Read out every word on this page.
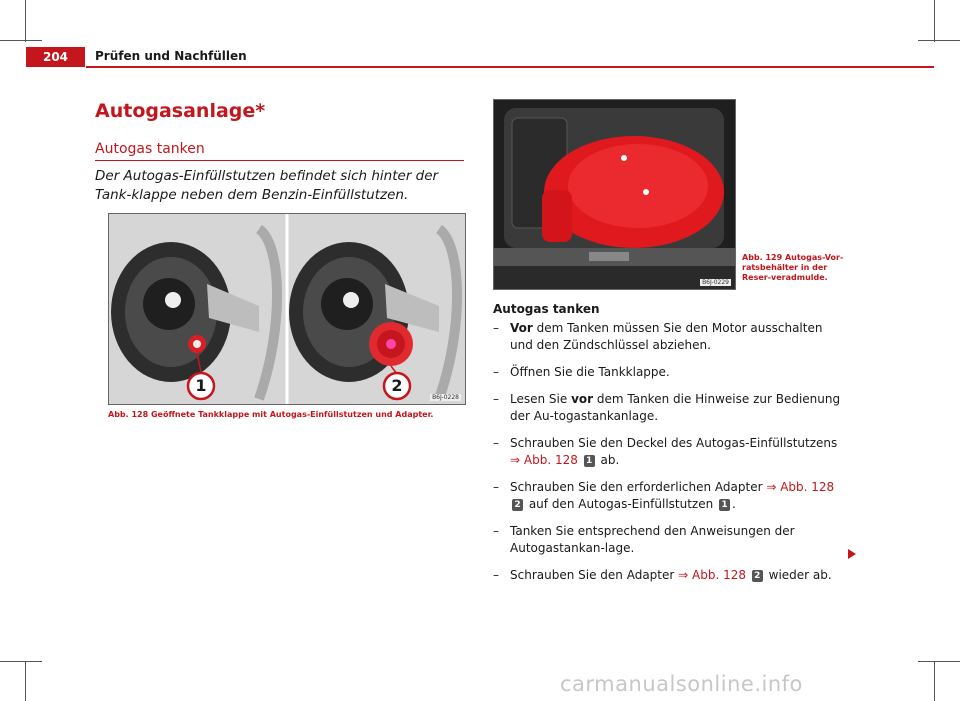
204	Prüfen und Nachfüllen
Autogasanlage*
Autogas tanken
Der Autogas-Einfüllstutzen befindet sich hinter der Tank-klappe neben dem Benzin-Einfüllstutzen.
1	2
B6J-0228
Abb. 128 Geöffnete Tankklappe mit Autogas-Einfüllstutzen und Adapter.
B6J-0229
Abb. 129 Autogas-Vor-ratsbehälter in der Reser-veradmulde.
Autogas tanken
– Vor dem Tanken müssen Sie den Motor ausschalten und den Zündschlüssel abziehen.
– Öffnen Sie die Tankklappe.
– Lesen Sie vor dem Tanken die Hinweise zur Bedienung der Au-togastankanlage.
– Schrauben Sie den Deckel des Autogas-Einfüllstutzens ⇒ Abb. 128 1 ab.
– Schrauben Sie den erforderlichen Adapter ⇒ Abb. 128 2 auf den Autogas-Einfüllstutzen 1 .
– Tanken Sie entsprechend den Anweisungen der Autogastankan-lage.
– Schrauben Sie den Adapter ⇒ Abb. 128 2 wieder ab.
carmanualsonline.info
